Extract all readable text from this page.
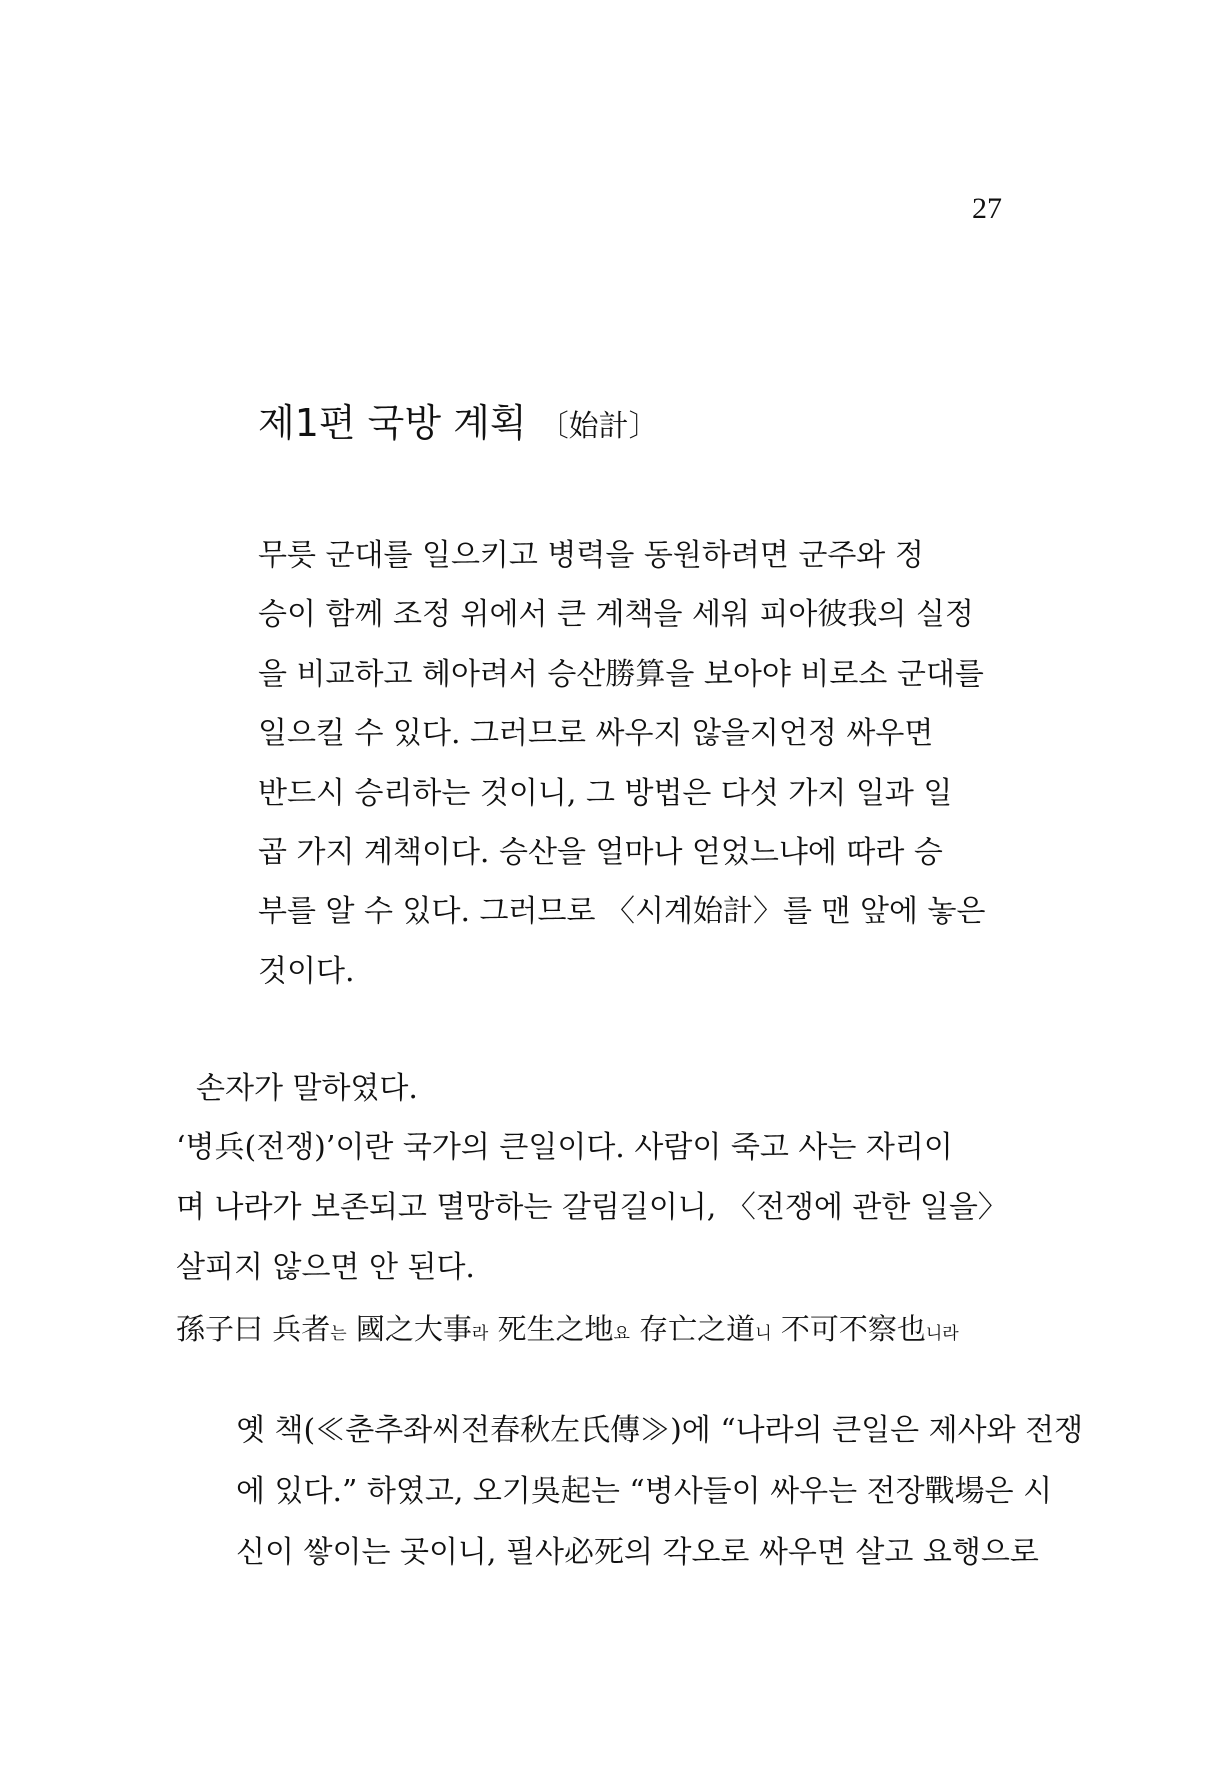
27
제1편 국방 계획 〔始計〕
무릇 군대를 일으키고 병력을 동원하려면 군주와 정
승이 함께 조정 위에서 큰 계책을 세워 피아彼我의 실정
을 비교하고 헤아려서 승산勝算을 보아야 비로소 군대를
일으킬 수 있다. 그러므로 싸우지 않을지언정 싸우면
반드시 승리하는 것이니, 그 방법은 다섯 가지 일과 일
곱 가지 계책이다. 승산을 얼마나 얻었느냐에 따라 승
부를 알 수 있다. 그러므로 〈시계始計〉를 맨 앞에 놓은
것이다.
손자가 말하였다.
‘병兵(전쟁)’이란 국가의 큰일이다. 사람이 죽고 사는 자리이
며 나라가 보존되고 멸망하는 갈림길이니, 〈전쟁에 관한 일을〉
살피지 않으면 안 된다.
孫子曰 兵者는 國之大事라 死生之地요 存亡之道니 不可不察也니라
옛 책(≪춘추좌씨전春秋左氏傳≫)에 “나라의 큰일은 제사와 전쟁
에 있다.” 하였고, 오기吳起는 “병사들이 싸우는 전장戰場은 시
신이 쌓이는 곳이니, 필사必死의 각오로 싸우면 살고 요행으로
